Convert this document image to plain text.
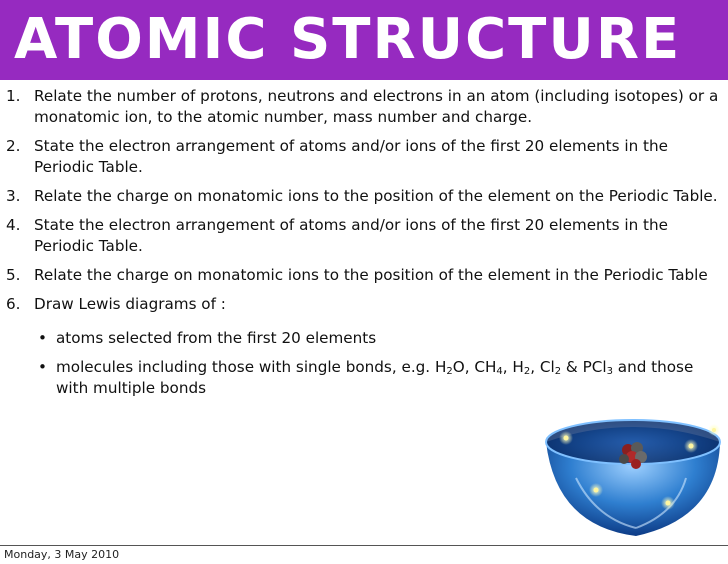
ATOMIC STRUCTURE
1. Relate the number of protons, neutrons and electrons in an atom (including isotopes) or a monatomic ion, to the atomic number, mass number and charge.
2. State the electron arrangement of atoms and/or ions of the first 20 elements in the Periodic Table.
3. Relate the charge on monatomic ions to the position of the element on the Periodic Table.
4. State the electron arrangement of atoms and/or ions of the first 20 elements in the Periodic Table.
5. Relate the charge on monatomic ions to the position of the element in the Periodic Table
6. Draw Lewis diagrams of :
• atoms selected from the first 20 elements
• molecules including those with single bonds, e.g. $H_2O$, $CH_4$, $H_2$, $Cl_2$ & PCl$_3$ and those with multiple bonds
Monday, 3 May 2010
